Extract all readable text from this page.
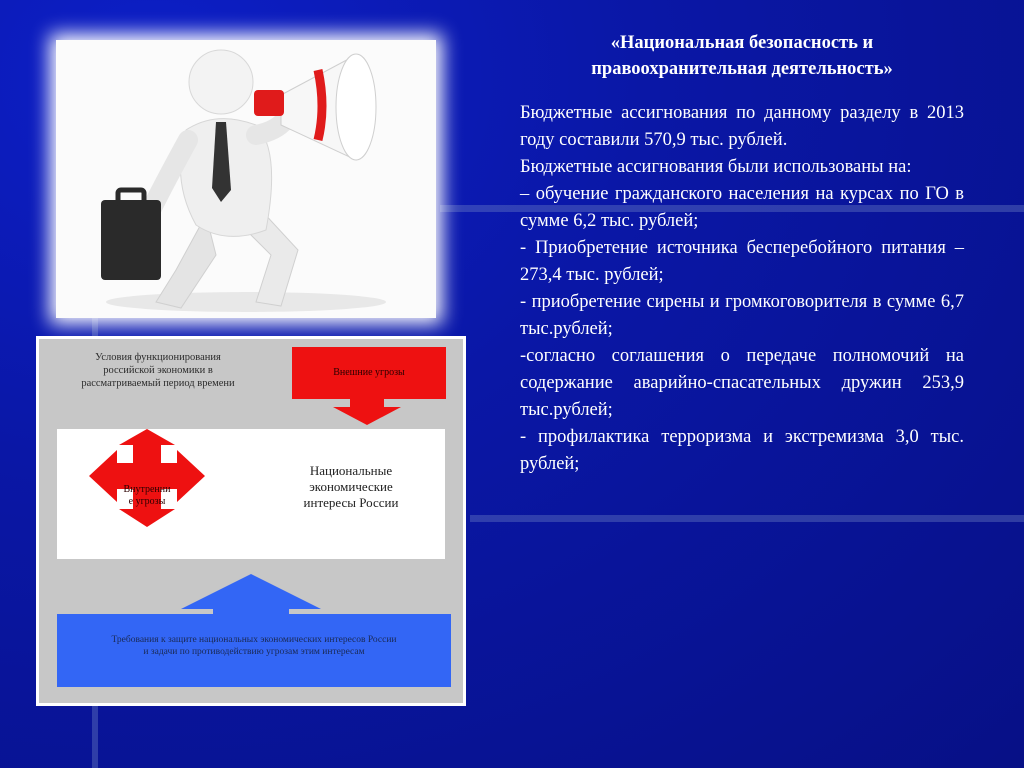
Условия функционирования
российской экономики в
рассматриваемый период времени
Внешние угрозы
Внутренни
е угрозы
Национальные
экономические
интересы России
Требования к защите национальных экономических интересов России
и задачи по противодействию угрозам этим интересам
«Национальная безопасность и
правоохранительная деятельность»

Бюджетные ассигнования по данному разделу в 2013 году составили 570,9 тыс. рублей.

Бюджетные ассигнования были использованы на:

– обучение гражданского населения на курсах по ГО в сумме 6,2 тыс. рублей;

- Приобретение источника бесперебойного питания – 273,4 тыс. рублей;

- приобретение сирены и громкоговорителя в сумме 6,7 тыс.рублей;

-согласно соглашения о передаче полномочий на содержание аварийно-спасательных дружин 253,9 тыс.рублей;

- профилактика терроризма и экстремизма 3,0 тыс. рублей;
